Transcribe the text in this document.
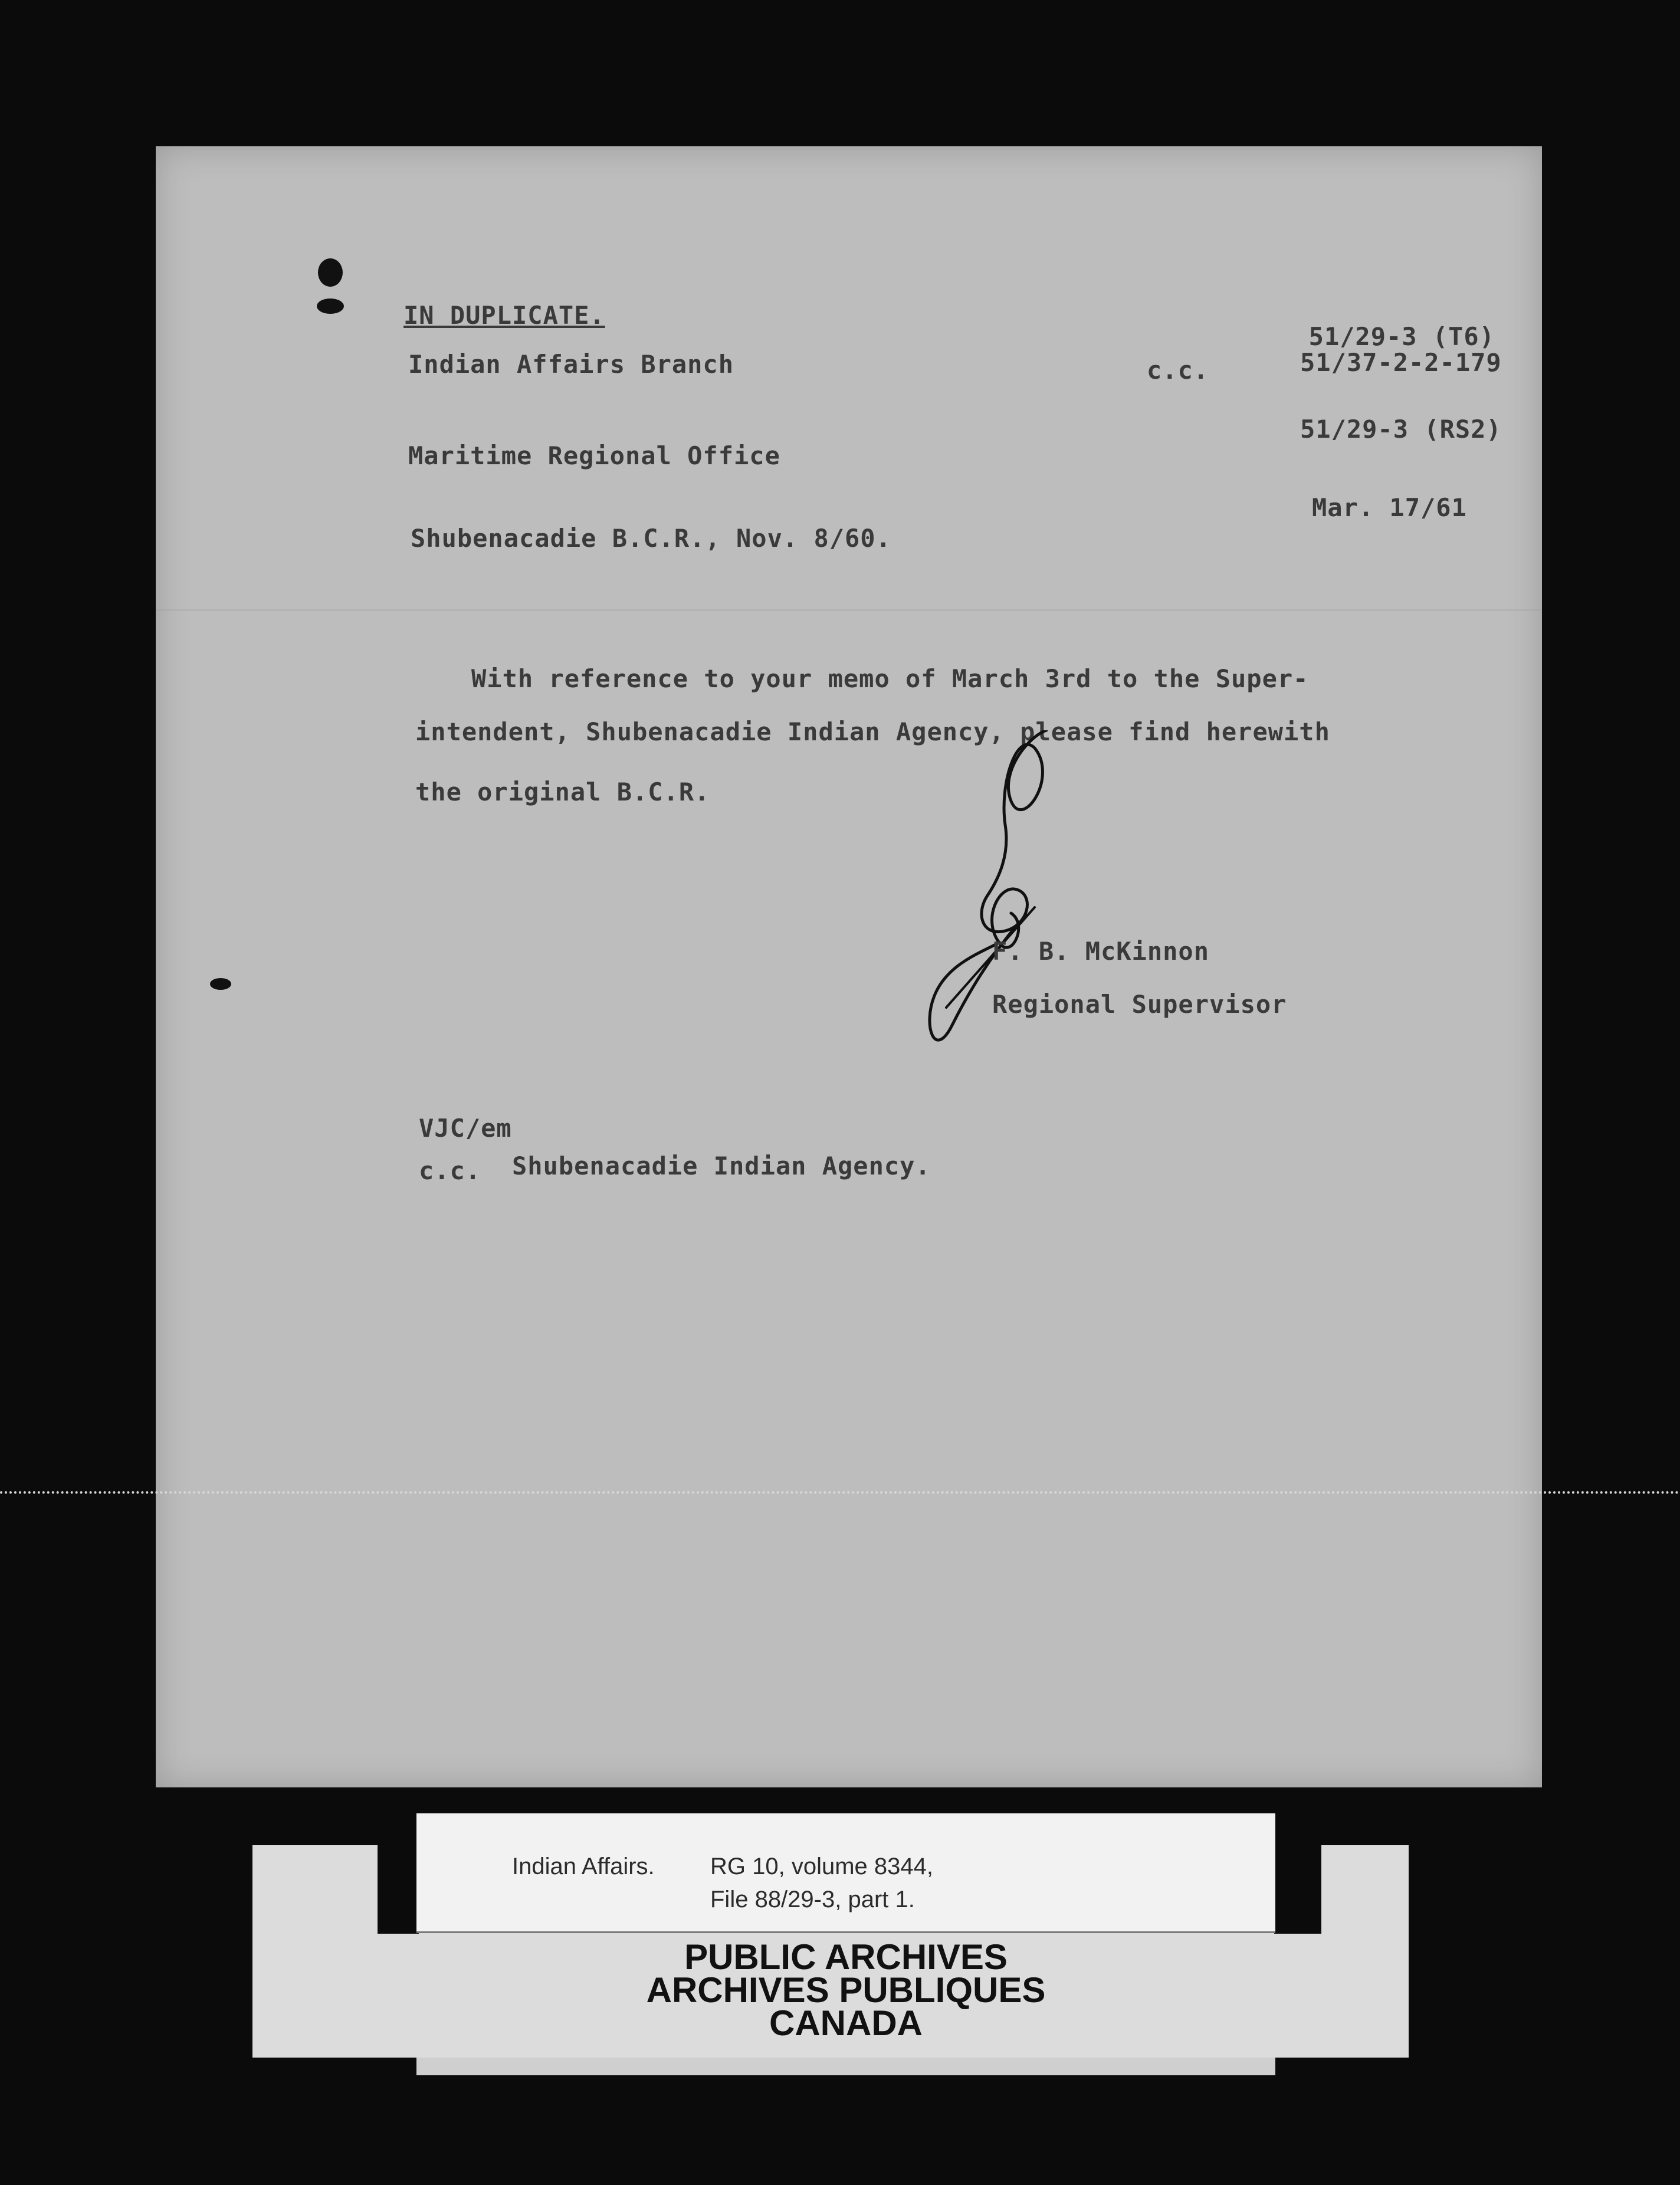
IN DUPLICATE.
Indian Affairs Branch	c.c.
51/29-3 (T6)
51/37-2-2-179
51/29-3 (RS2)
Maritime Regional Office
Shubenacadie B.C.R., Nov. 8/60.
Mar. 17/61
With reference to your memo of March 3rd to the Super-
intendent, Shubenacadie Indian Agency, please find herewith
the original B.C.R.
F. B. McKinnon
Regional Supervisor
VJC/em
c.c. Shubenacadie Indian Agency.
Indian Affairs. RG 10, volume 8344,
File 88/29-3, part 1.
PUBLIC ARCHIVES
ARCHIVES PUBLIQUES
CANADA
